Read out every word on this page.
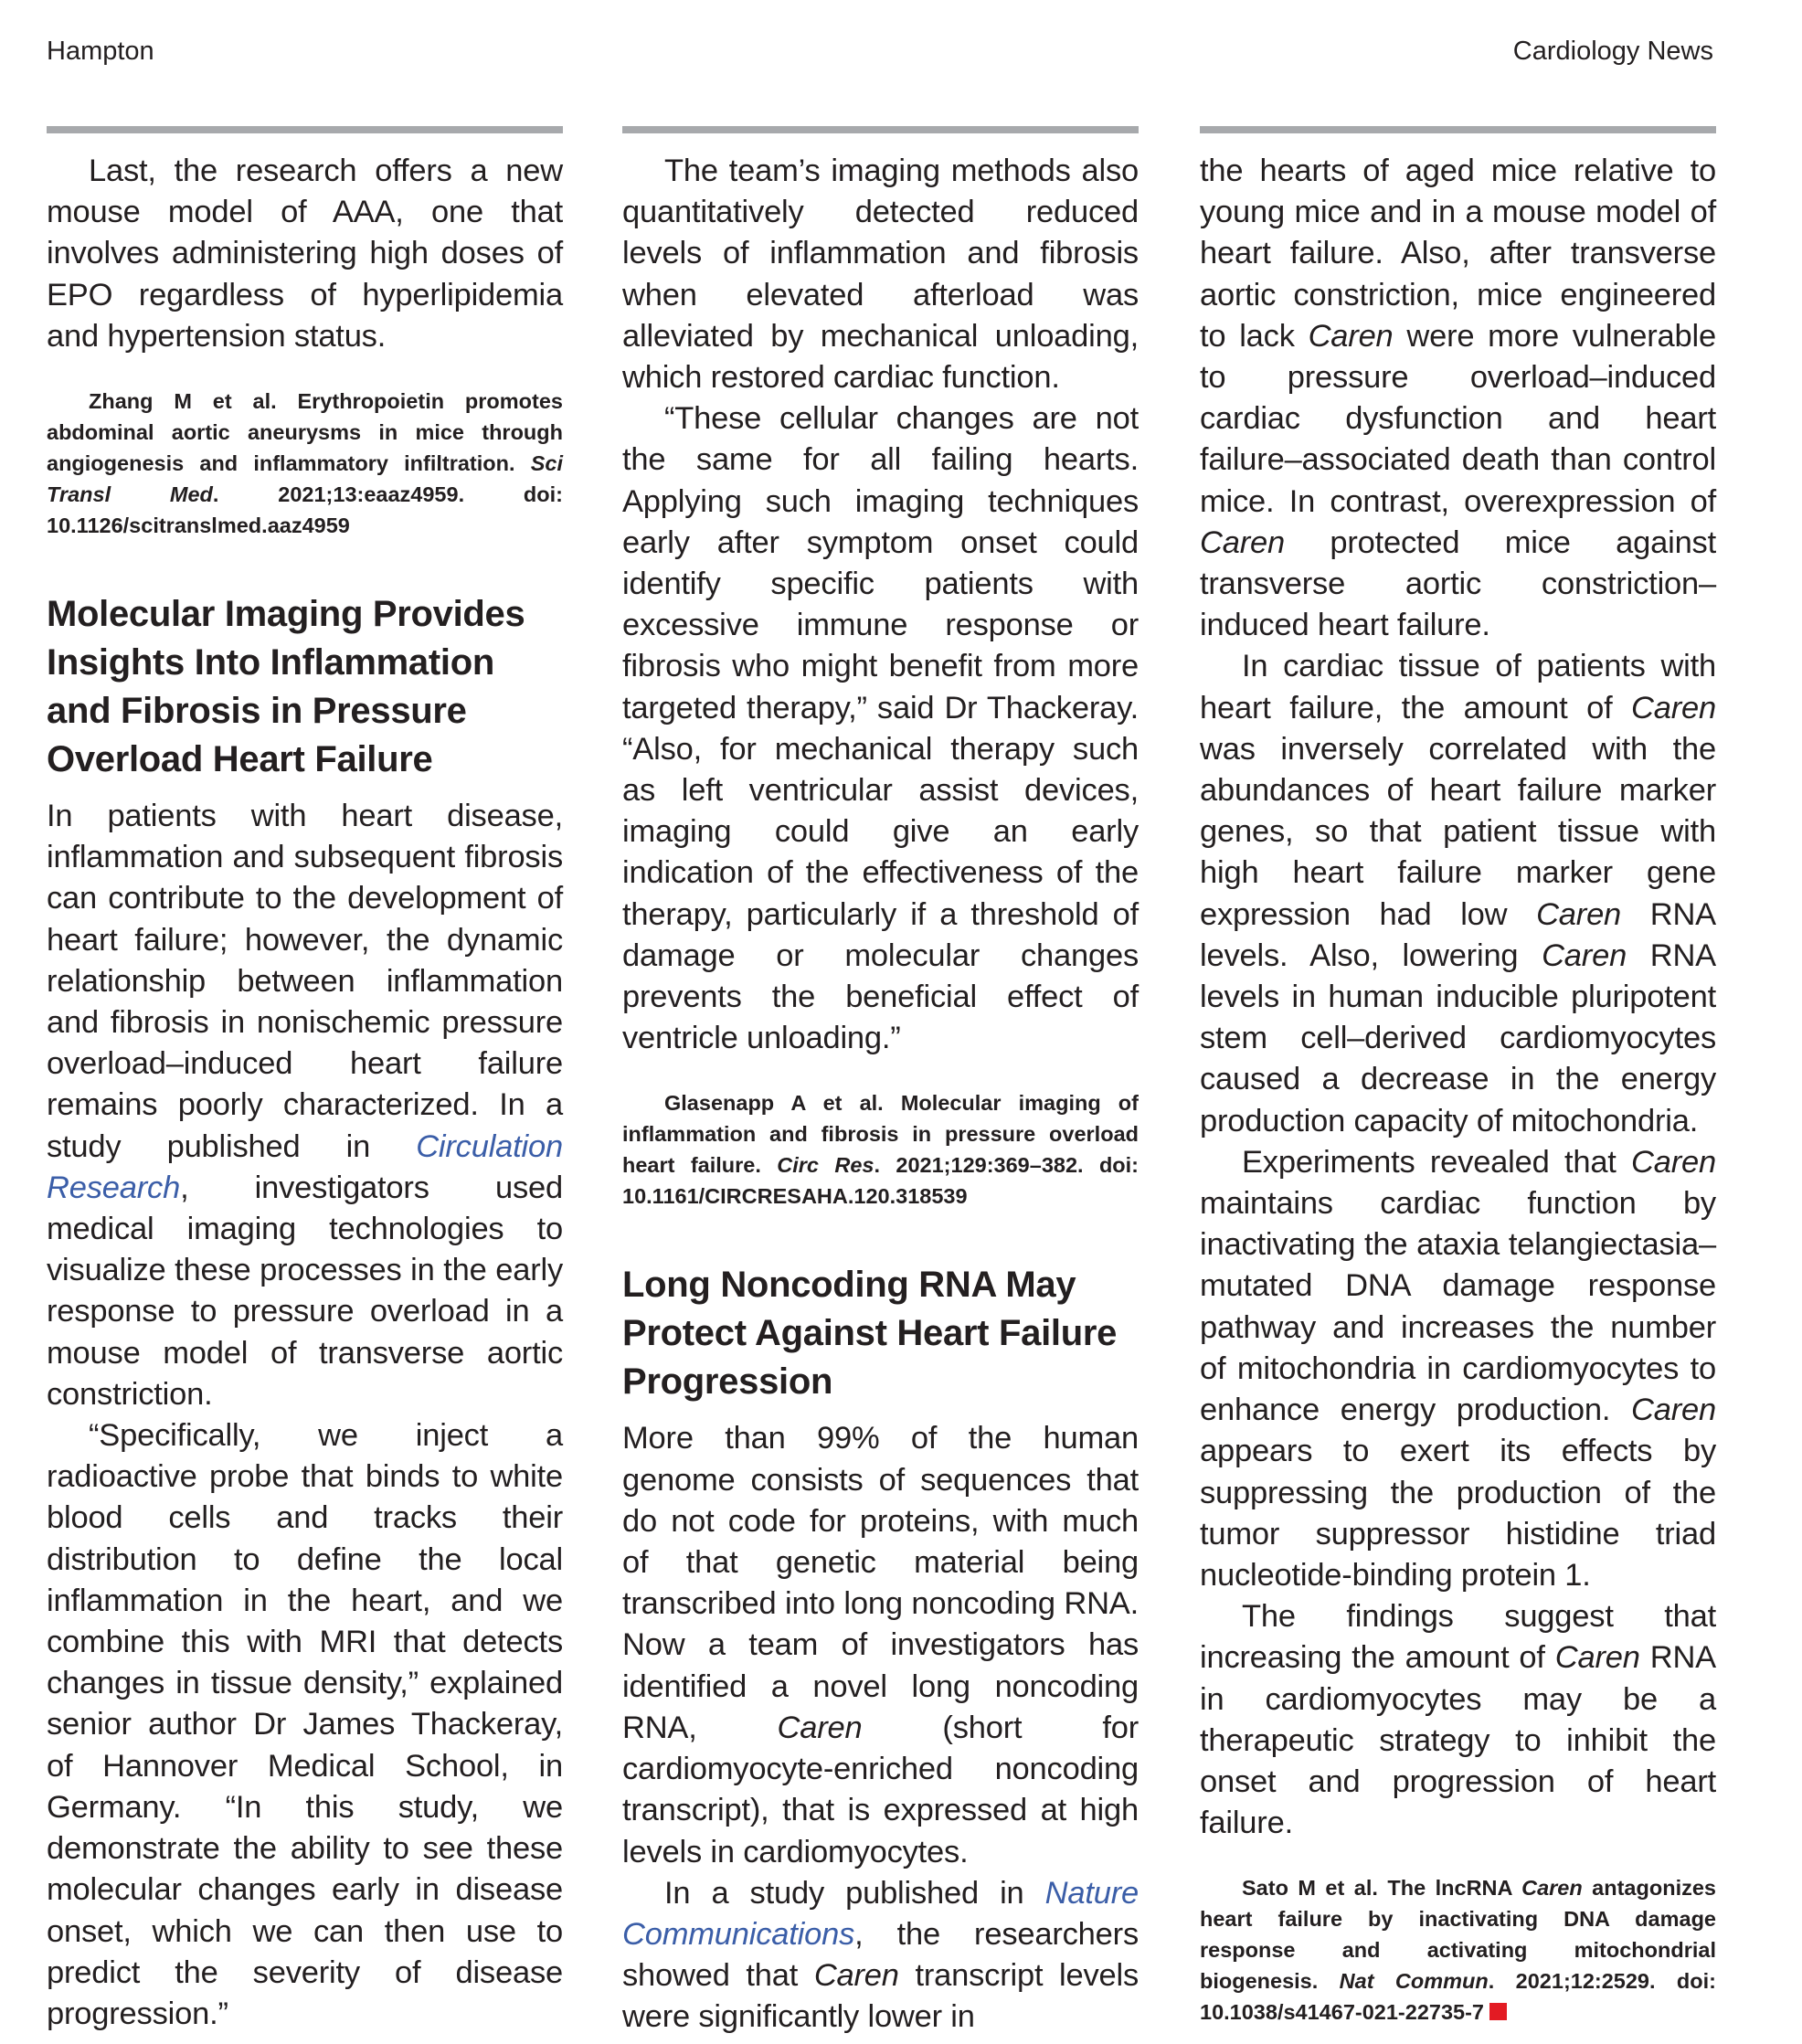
Hampton	Cardiology News

Last, the research offers a new mouse model of AAA, one that involves administering high doses of EPO regardless of hyperlipidemia and hypertension status.

Zhang M et al. Erythropoietin promotes abdominal aortic aneurysms in mice through angiogenesis and inflammatory infiltration. Sci Transl Med. 2021;13:eaaz4959. doi: 10.1126/scitranslmed.aaz4959

Molecular Imaging Provides Insights Into Inflammation and Fibrosis in Pressure Overload Heart Failure

In patients with heart disease, inflammation and subsequent fibrosis can contribute to the development of heart failure; however, the dynamic relationship between inflammation and fibrosis in nonischemic pressure overload–induced heart failure remains poorly characterized. In a study published in Circulation Research, investigators used medical imaging technologies to visualize these processes in the early response to pressure overload in a mouse model of transverse aortic constriction.

“Specifically, we inject a radioactive probe that binds to white blood cells and tracks their distribution to define the local inflammation in the heart, and we combine this with MRI that detects changes in tissue density,” explained senior author Dr James Thackeray, of Hannover Medical School, in Germany. “In this study, we demonstrate the ability to see these molecular changes early in disease onset, which we can then use to predict the severity of disease progression.”

The team’s imaging methods also quantitatively detected reduced levels of inflammation and fibrosis when elevated afterload was alleviated by mechanical unloading, which restored cardiac function.

“These cellular changes are not the same for all failing hearts. Applying such imaging techniques early after symptom onset could identify specific patients with excessive immune response or fibrosis who might benefit from more targeted therapy,” said Dr Thackeray. “Also, for mechanical therapy such as left ventricular assist devices, imaging could give an early indication of the effectiveness of the therapy, particularly if a threshold of damage or molecular changes prevents the beneficial effect of ventricle unloading.”

Glasenapp A et al. Molecular imaging of inflammation and fibrosis in pressure overload heart failure. Circ Res. 2021;129:369–382. doi: 10.1161/CIRCRESAHA.120.318539

Long Noncoding RNA May Protect Against Heart Failure Progression

More than 99% of the human genome consists of sequences that do not code for proteins, with much of that genetic material being transcribed into long noncoding RNA. Now a team of investigators has identified a novel long noncoding RNA, Caren (short for cardiomyocyte-enriched noncoding transcript), that is expressed at high levels in cardiomyocytes.

In a study published in Nature Communications, the researchers showed that Caren transcript levels were significantly lower in

the hearts of aged mice relative to young mice and in a mouse model of heart failure. Also, after transverse aortic constriction, mice engineered to lack Caren were more vulnerable to pressure overload–induced cardiac dysfunction and heart failure–associated death than control mice. In contrast, overexpression of Caren protected mice against transverse aortic constriction–induced heart failure.

In cardiac tissue of patients with heart failure, the amount of Caren was inversely correlated with the abundances of heart failure marker genes, so that patient tissue with high heart failure marker gene expression had low Caren RNA levels. Also, lowering Caren RNA levels in human inducible pluripotent stem cell–derived cardiomyocytes caused a decrease in the energy production capacity of mitochondria.

Experiments revealed that Caren maintains cardiac function by inactivating the ataxia telangiectasia–mutated DNA damage response pathway and increases the number of mitochondria in cardiomyocytes to enhance energy production. Caren appears to exert its effects by suppressing the production of the tumor suppressor histidine triad nucleotide-binding protein 1.

The findings suggest that increasing the amount of Caren RNA in cardiomyocytes may be a therapeutic strategy to inhibit the onset and progression of heart failure.

Sato M et al. The lncRNA Caren antagonizes heart failure by inactivating DNA damage response and activating mitochondrial biogenesis. Nat Commun. 2021;12:2529. doi: 10.1038/s41467-021-22735-7
